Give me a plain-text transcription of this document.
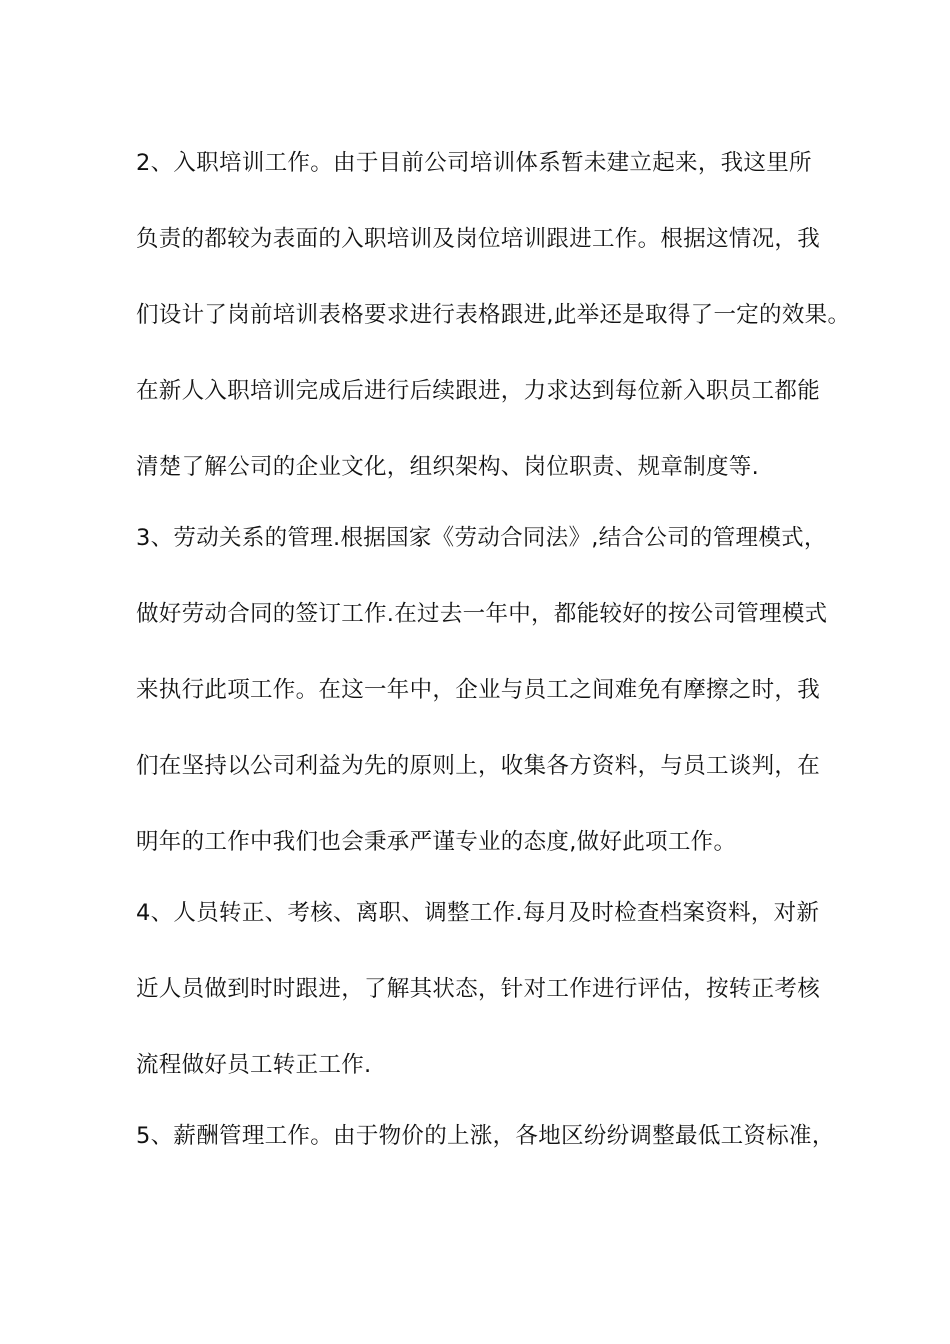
2、入职培训工作。由于目前公司培训体系暂未建立起来，我这里所
负责的都较为表面的入职培训及岗位培训跟进工作。根据这情况，我
们设计了岗前培训表格要求进行表格跟进,此举还是取得了一定的效果。
在新人入职培训完成后进行后续跟进，力求达到每位新入职员工都能
清楚了解公司的企业文化，组织架构、岗位职责、规章制度等.
3、劳动关系的管理.根据国家《劳动合同法》,结合公司的管理模式，
做好劳动合同的签订工作.在过去一年中，都能较好的按公司管理模式
来执行此项工作。在这一年中，企业与员工之间难免有摩擦之时，我
们在坚持以公司利益为先的原则上，收集各方资料，与员工谈判，在
明年的工作中我们也会秉承严谨专业的态度,做好此项工作。
4、人员转正、考核、离职、调整工作.每月及时检查档案资料，对新
近人员做到时时跟进，了解其状态，针对工作进行评估，按转正考核
流程做好员工转正工作.
5、薪酬管理工作。由于物价的上涨，各地区纷纷调整最低工资标准，
